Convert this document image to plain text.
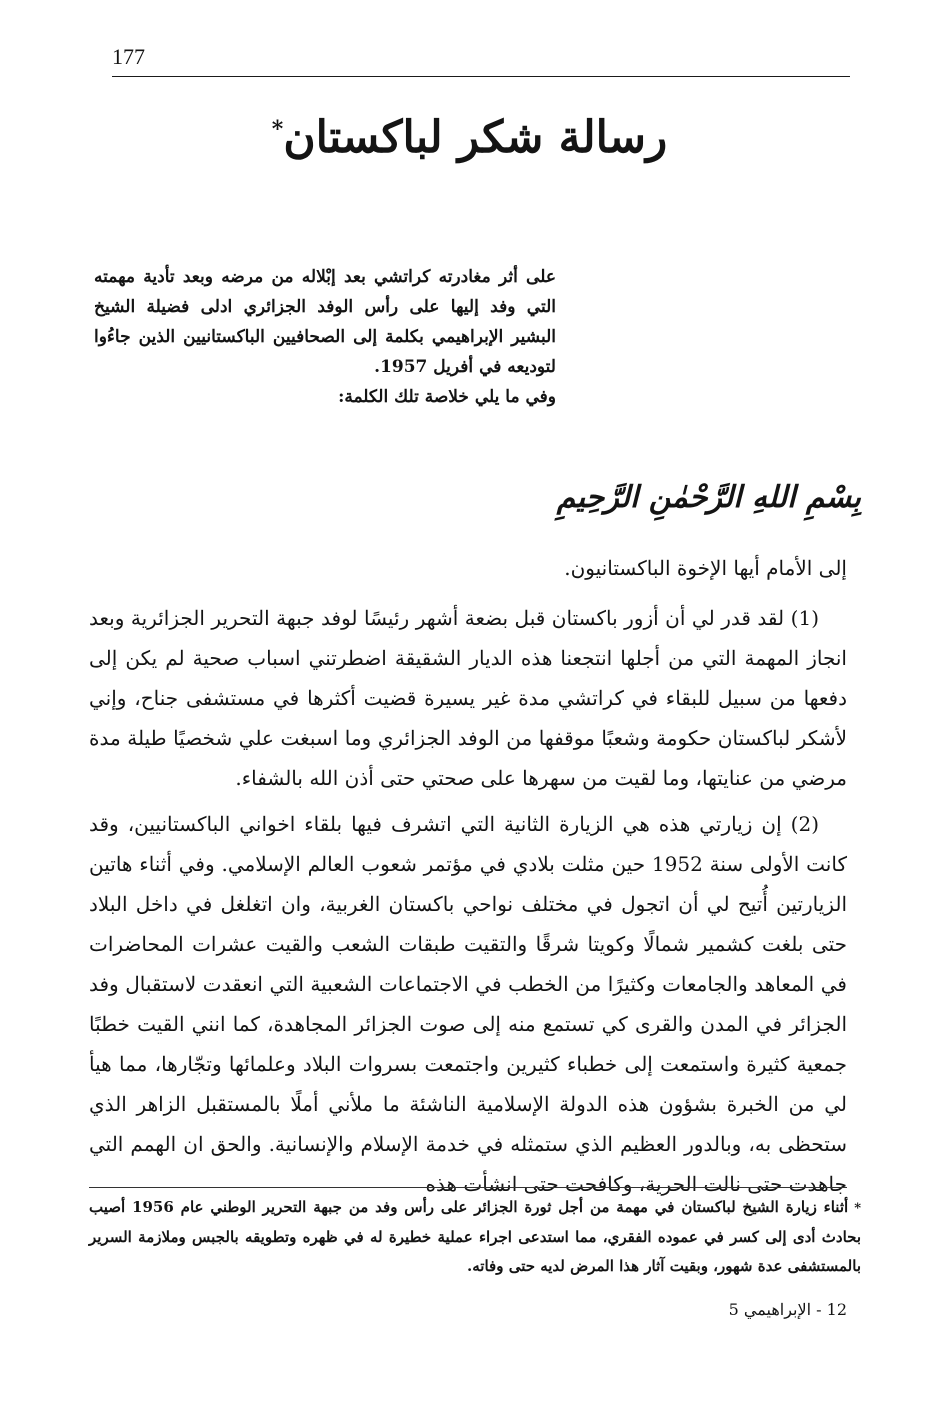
177
رسالة شكر لباكستان*

على أثر مغادرته كراتشي بعد إبْلاله من مرضه وبعد تأدية مهمته التي وفد إليها على رأس الوفد الجزائري ادلى فضيلة الشيخ البشير الإبراهيمي بكلمة إلى الصحافيين الباكستانيين الذين جاءُوا لتوديعه في أفريل 1957.

وفي ما يلي خلاصة تلك الكلمة:

بِسْمِ اللهِ الرَّحْمٰنِ الرَّحِيمِ

إلى الأمام أيها الإخوة الباكستانيون.

(1) لقد قدر لي أن أزور باكستان قبل بضعة أشهر رئيسًا لوفد جبهة التحرير الجزائرية وبعد انجاز المهمة التي من أجلها انتجعنا هذه الديار الشقيقة اضطرتني اسباب صحية لم يكن إلى دفعها من سبيل للبقاء في كراتشي مدة غير يسيرة قضيت أكثرها في مستشفى جناح، وإني لأشكر لباكستان حكومة وشعبًا موقفها من الوفد الجزائري وما اسبغت علي شخصيًا طيلة مدة مرضي من عنايتها، وما لقيت من سهرها على صحتي حتى أذن الله بالشفاء.

(2) إن زيارتي هذه هي الزيارة الثانية التي اتشرف فيها بلقاء اخواني الباكستانيين، وقد كانت الأولى سنة 1952 حين مثلت بلادي في مؤتمر شعوب العالم الإسلامي. وفي أثناء هاتين الزيارتين أُتيح لي أن اتجول في مختلف نواحي باكستان الغربية، وان اتغلغل في داخل البلاد حتى بلغت كشمير شمالًا وكويتا شرقًا والتقيت طبقات الشعب والقيت عشرات المحاضرات في المعاهد والجامعات وكثيرًا من الخطب في الاجتماعات الشعبية التي انعقدت لاستقبال وفد الجزائر في المدن والقرى كي تستمع منه إلى صوت الجزائر المجاهدة، كما انني القيت خطبًا جمعية كثيرة واستمعت إلى خطباء كثيرين واجتمعت بسروات البلاد وعلمائها وتجّارها، مما هيأ لي من الخبرة بشؤون هذه الدولة الإسلامية الناشئة ما ملأني أملًا بالمستقبل الزاهر الذي ستحظى به، وبالدور العظيم الذي ستمثله في خدمة الإسلام والإنسانية. والحق ان الهمم التي جاهدت حتى نالت الحرية، وكافحت حتى انشأت هذه

*أثناء زيارة الشيخ لباكستان في مهمة من أجل ثورة الجزائر على رأس وفد من جبهة التحرير الوطني عام 1956 أصيب بحادث أدى إلى كسر في عموده الفقري، مما استدعى اجراء عملية خطيرة له في ظهره وتطويقه بالجبس وملازمة السرير بالمستشفى عدة شهور، وبقيت آثار هذا المرض لديه حتى وفاته.
12 - الإبراهيمي 5
